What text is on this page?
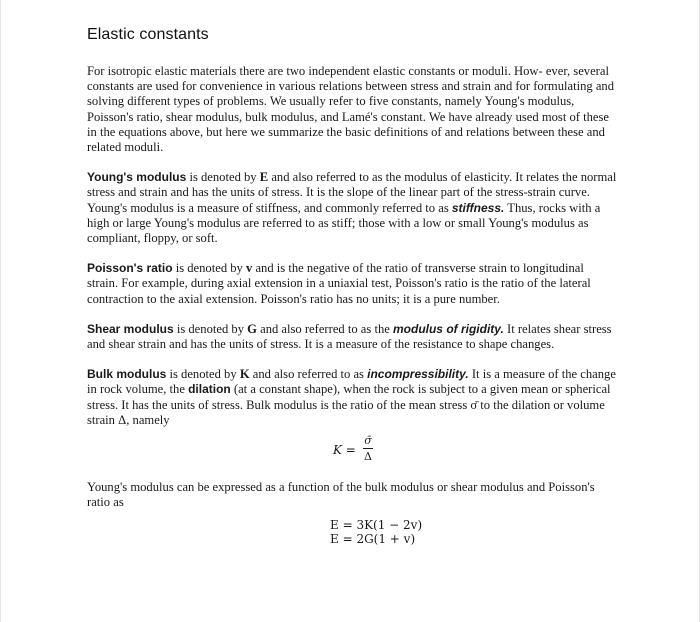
Elastic constants

For isotropic elastic materials there are two independent elastic constants or moduli. How- ever, several constants are used for convenience in various relations between stress and strain and for formulating and solving different types of problems. We usually refer to five constants, namely Young's modulus, Poisson's ratio, shear modulus, bulk modulus, and Lamé's constant. We have already used most of these in the equations above, but here we summarize the basic definitions of and relations between these and related moduli.

Young's modulus is denoted by E and also referred to as the modulus of elasticity. It relates the normal stress and strain and has the units of stress. It is the slope of the linear part of the stress-strain curve. Young's modulus is a measure of stiffness, and commonly referred to as stiffness. Thus, rocks with a high or large Young's modulus are referred to as stiff; those with a low or small Young's modulus as compliant, floppy, or soft.

Poisson's ratio is denoted by v and is the negative of the ratio of transverse strain to longitudinal strain. For example, during axial extension in a uniaxial test, Poisson's ratio is the ratio of the lateral contraction to the axial extension. Poisson's ratio has no units; it is a pure number.

Shear modulus is denoted by G and also referred to as the modulus of rigidity. It relates shear stress and shear strain and has the units of stress. It is a measure of the resistance to shape changes.

Bulk modulus is denoted by K and also referred to as incompressibility. It is a measure of the change in rock volume, the dilation (at a constant shape), when the rock is subject to a given mean or spherical stress. It has the units of stress. Bulk modulus is the ratio of the mean stress σ̄ to the dilation or volume strain Δ, namely

K =
σ̄
Δ

Young's modulus can be expressed as a function of the bulk modulus or shear modulus and Poisson's ratio as

E = 3K(1 − 2v)
E = 2G(1 + v)
